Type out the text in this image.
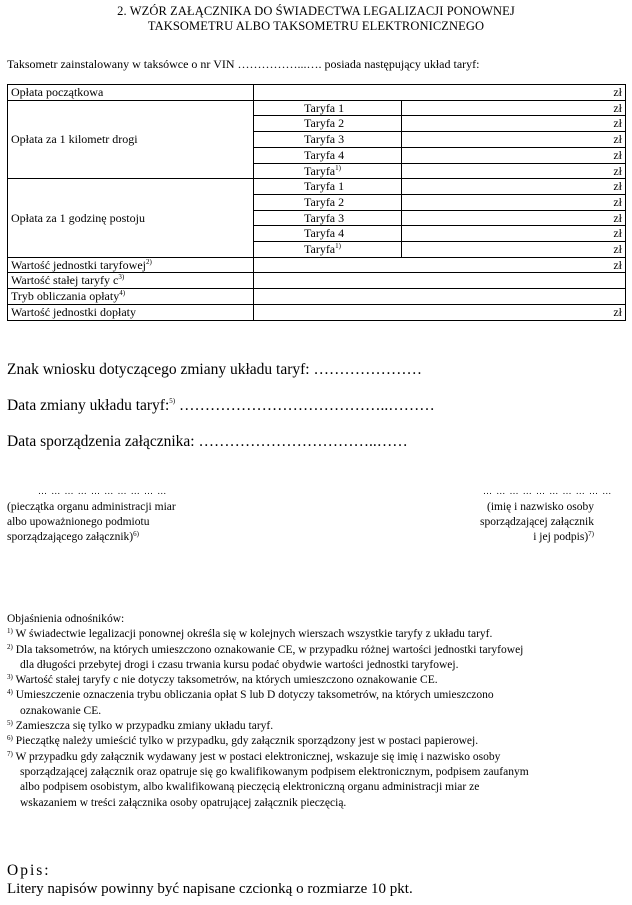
2. WZÓR ZAŁĄCZNIKA DO ŚWIADECTWA LEGALIZACJI PONOWNEJ
TAKSOMETRU ALBO TAKSOMETRU ELEKTRONICZNEGO
Taksometr zainstalowany w taksówce o nr VIN ……………...…. posiada następujący układ taryf:
Opłata początkowa	zł	
Opłata za 1 kilometr drogi	Taryfa 1	zł
	Taryfa 2	zł
	Taryfa 3	zł
	Taryfa 4	zł
	Taryfa$^{1)}$	zł
Opłata za 1 godzinę postoju	Taryfa 1	zł
	Taryfa 2	zł
	Taryfa 3	zł
	Taryfa 4	zł
	Taryfa$^{1)}$	zł
Wartość jednostki taryfowej$^{2)}$	zł	
Wartość stałej taryfy $c^{3)}$	
Tryb obliczania opłaty$^{4)}$	
Wartość jednostki dopłaty	zł	
Znak wniosku dotyczącego zmiany układu taryf: …………………
Data zmiany układu taryf:$^{5)}$ …………………………………..………
Data sporządzenia załącznika: ……………………………..……
… … … … … … … … … …
(pieczątka organu administracji miar
albo upoważnionego podmiotu
sporządzającego załącznik)$^{6)}$
… … … … … … … … … …
(imię i nazwisko osoby
sporządzającej załącznik
i jej podpis)$^{7)}$

Objaśnienia odnośników:

$^{1)}$ W świadectwie legalizacji ponownej określa się w kolejnych wierszach wszystkie taryfy z układu taryf.

$^{2)}$ Dla taksometrów, na których umieszczono oznakowanie CE, w przypadku różnej wartości jednostki taryfowej

dla długości przebytej drogi i czasu trwania kursu podać obydwie wartości jednostki taryfowej.

$^{3)}$ Wartość stałej taryfy c nie dotyczy taksometrów, na których umieszczono oznakowanie CE.

$^{4)}$ Umieszczenie oznaczenia trybu obliczania opłat S lub D dotyczy taksometrów, na których umieszczono

oznakowanie CE.

$^{5)}$ Zamieszcza się tylko w przypadku zmiany układu taryf.

$^{6)}$ Pieczątkę należy umieścić tylko w przypadku, gdy załącznik sporządzony jest w postaci papierowej.

$^{7)}$ W przypadku gdy załącznik wydawany jest w postaci elektronicznej, wskazuje się imię i nazwisko osoby

sporządzającej załącznik oraz opatruje się go kwalifikowanym podpisem elektronicznym, podpisem zaufanym

albo podpisem osobistym, albo kwalifikowaną pieczęcią elektroniczną organu administracji miar ze

wskazaniem w treści załącznika osoby opatrującej załącznik pieczęcią.

Opis:
Litery napisów powinny być napisane czcionką o rozmiarze 10 pkt.
